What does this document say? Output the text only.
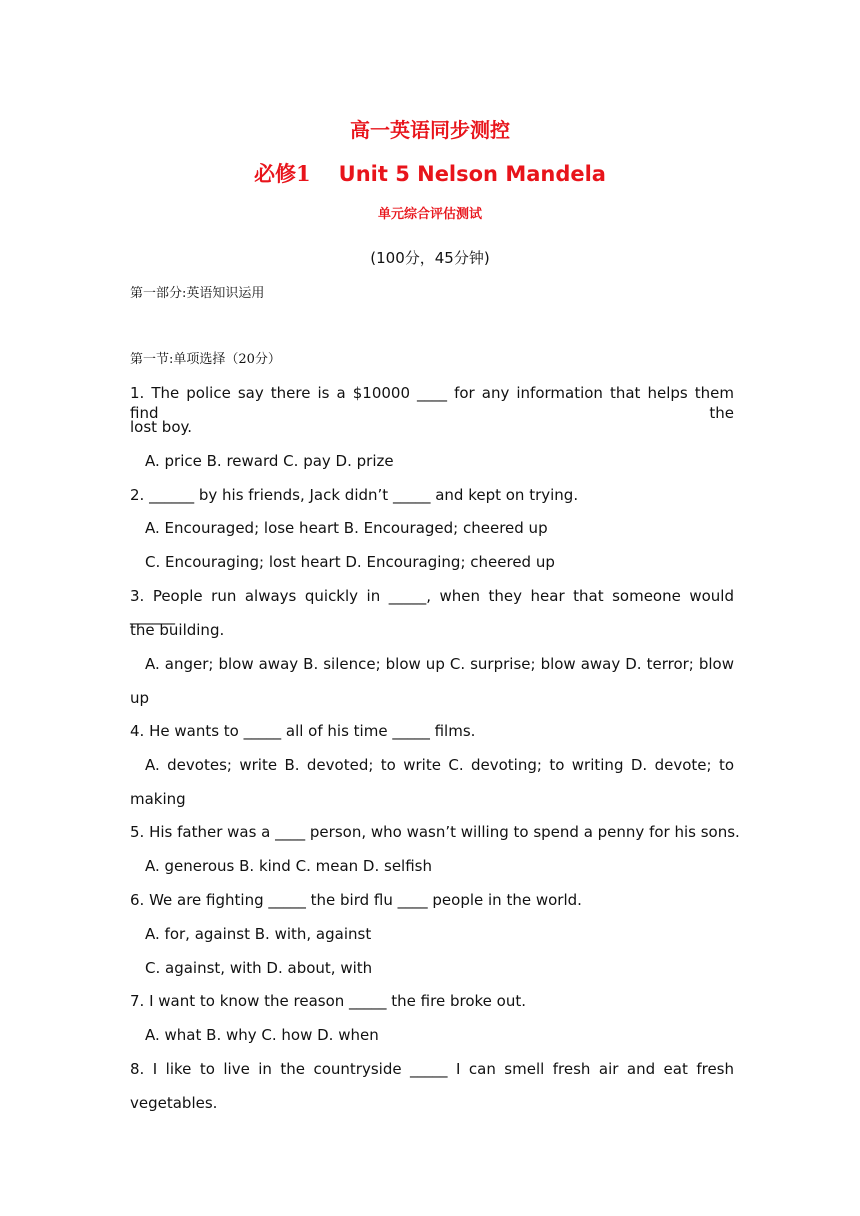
高一英语同步测控
必修1 Unit 5 Nelson Mandela
单元综合评估测试
(100分，45分钟)
第一部分:英语知识运用
第一节:单项选择（20分）
1. The police say there is a $10000 ____ for any information that helps them find the
lost boy.
A. price B. reward C. pay D. prize
2. ______ by his friends, Jack didn’t _____ and kept on trying.
A. Encouraged; lose heart B. Encouraged; cheered up
C. Encouraging; lost heart D. Encouraging; cheered up
3. People run always quickly in _____, when they hear that someone would ______
the building.
A. anger; blow away B. silence; blow up C. surprise; blow away D. terror; blow
up
4. He wants to _____ all of his time _____ films.
A. devotes; write B. devoted; to write C. devoting; to writing D. devote; to
making
5. His father was a ____ person, who wasn’t willing to spend a penny for his sons.
A. generous B. kind C. mean D. selfish
6. We are fighting _____ the bird flu ____ people in the world.
A. for, against B. with, against
C. against, with D. about, with
7. I want to know the reason _____ the fire broke out.
A. what B. why C. how D. when
8. I like to live in the countryside _____ I can smell fresh air and eat fresh
vegetables.
